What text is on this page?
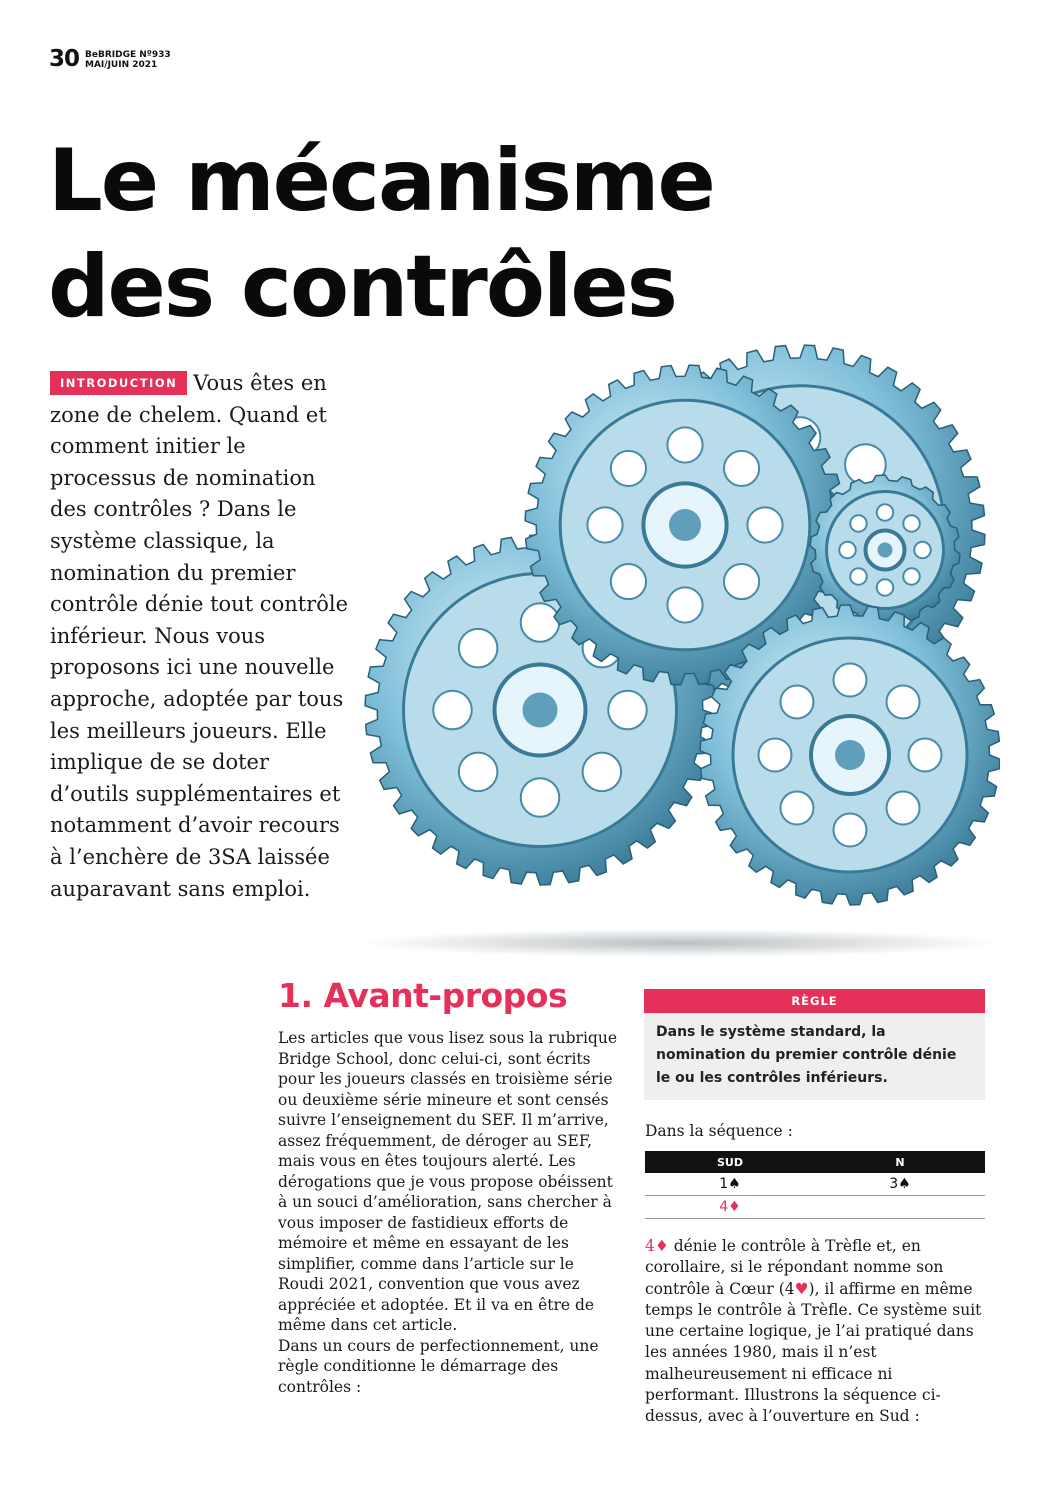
30 BeBRIDGE Nº933
MAI/JUIN 2021
Le mécanisme
des contrôles
INTRODUCTION Vous êtes en zone de chelem. Quand et comment initier le processus de nomination des contrôles ? Dans le système classique, la nomination du premier contrôle dénie tout contrôle inférieur. Nous vous proposons ici une nouvelle approche, adoptée par tous les meilleurs joueurs. Elle implique de se doter d’outils supplémentaires et notamment d’avoir recours à l’enchère de 3SA laissée auparavant sans emploi.
1. Avant-propos

Les articles que vous lisez sous la rubrique Bridge School, donc celui-ci, sont écrits pour les joueurs classés en troisième série ou deuxième série mineure et sont censés suivre l’enseignement du SEF. Il m’arrive, assez fréquemment, de déroger au SEF, mais vous en êtes toujours alerté. Les dérogations que je vous propose obéissent à un souci d’amélioration, sans chercher à vous imposer de fastidieux efforts de mémoire et même en essayant de les simplifier, comme dans l’article sur le Roudi 2021, convention que vous avez appréciée et adoptée. Et il va en être de même dans cet article.

Dans un cours de perfectionnement, une règle conditionne le démarrage des contrôles :

RÈGLE
Dans le système standard, la nomination du premier contrôle dénie le ou les contrôles inférieurs.
Dans la séquence :
SUD	N
1♠	3♠
4♦	
4♦ dénie le contrôle à Trèfle et, en corollaire, si le répondant nomme son contrôle à Cœur (4♥), il affirme en même temps le contrôle à Trèfle. Ce système suit une certaine logique, je l’ai pratiqué dans les années 1980, mais il n’est malheureusement ni efficace ni performant. Illustrons la séquence ci-dessus, avec à l’ouverture en Sud :
